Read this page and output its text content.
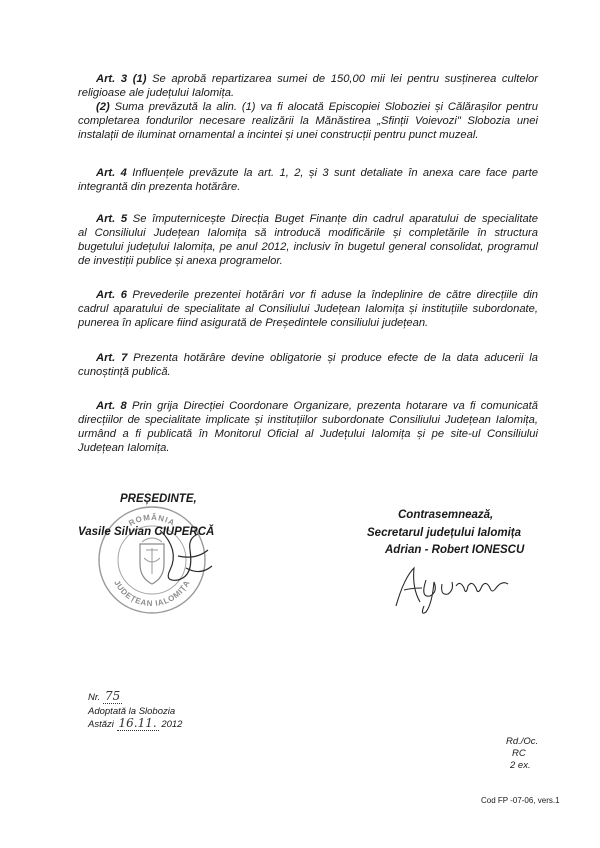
Art. 3 (1) Se aprobă repartizarea sumei de 150,00 mii lei pentru susținerea cultelor
religioase ale județului Ialomița.
(2) Suma prevăzută la alin. (1) va fi alocată Episcopiei Sloboziei și Călărașilor pentru
completarea fondurilor necesare realizării la Mănăstirea „Sfinții Voievozi" Slobozia unei
instalații de iluminat ornamental a incintei și unei construcții pentru punct muzeal.
Art. 4 Influențele prevăzute la art. 1, 2, și 3 sunt detaliate în anexa care face parte
integrantă din prezenta hotărâre.
Art. 5 Se împuternicește Direcția Buget Finanțe din cadrul aparatului de specialitate
al Consiliului Județean Ialomița să introducă modificările și completările în structura
bugetului județului Ialomița, pe anul 2012, inclusiv în bugetul general consolidat, programul
de investiții publice și anexa programelor.
Art. 6 Prevederile prezentei hotărâri vor fi aduse la îndeplinire de către direcțiile din
cadrul aparatului de specialitate al Consiliului Județean Ialomița și instituțiile subordonate,
punerea în aplicare fiind asigurată de Președintele consiliului județean.
Art. 7 Prezenta hotărâre devine obligatorie și produce efecte de la data aducerii la
cunoștință publică.
Art. 8 Prin grija Direcției Coordonare Organizare, prezenta hotarare va fi comunicată
direcțiilor de specialitate implicate și instituțiilor subordonate Consiliului Județean Ialomița,
urmând a fi publicată în Monitorul Oficial al Județului Ialomița și pe site-ul Consiliului
Județean Ialomița.
ROMÂNIA
JUDEȚEAN IALOMIȚA
PREȘEDINTE,
Vasile Silvian CIUPERCĂ
Contrasemnează,
Secretarul județului Ialomița
Adrian - Robert IONESCU
Nr. 75
Adoptată la Slobozia
Astăzi 16.11. 2012
Rd./Oc.
RC
2 ex.
Cod FP -07-06, vers.1
